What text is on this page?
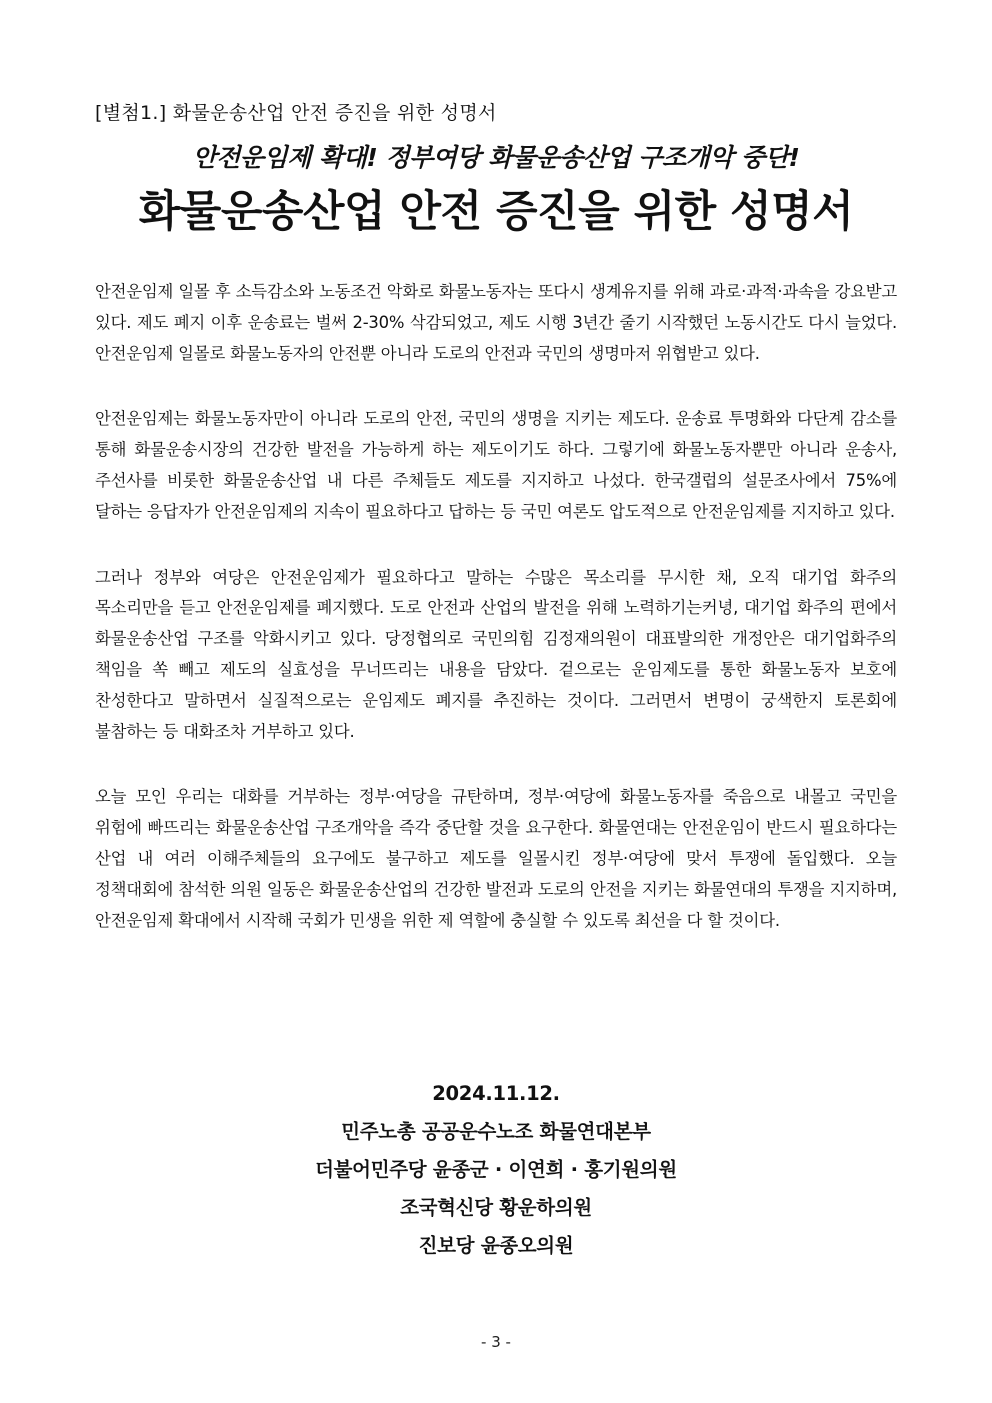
[별첨1.] 화물운송산업 안전 증진을 위한 성명서
안전운임제 확대! 정부여당 화물운송산업 구조개악 중단!
화물운송산업 안전 증진을 위한 성명서

안전운임제 일몰 후 소득감소와 노동조건 악화로 화물노동자는 또다시 생계유지를 위해 과로·과적·과속을 강요받고 있다. 제도 폐지 이후 운송료는 벌써 2-30% 삭감되었고, 제도 시행 3년간 줄기 시작했던 노동시간도 다시 늘었다. 안전운임제 일몰로 화물노동자의 안전뿐 아니라 도로의 안전과 국민의 생명마저 위협받고 있다.

안전운임제는 화물노동자만이 아니라 도로의 안전, 국민의 생명을 지키는 제도다. 운송료 투명화와 다단계 감소를 통해 화물운송시장의 건강한 발전을 가능하게 하는 제도이기도 하다. 그렇기에 화물노동자뿐만 아니라 운송사, 주선사를 비롯한 화물운송산업 내 다른 주체들도 제도를 지지하고 나섰다. 한국갤럽의 설문조사에서 75%에 달하는 응답자가 안전운임제의 지속이 필요하다고 답하는 등 국민 여론도 압도적으로 안전운임제를 지지하고 있다.

그러나 정부와 여당은 안전운임제가 필요하다고 말하는 수많은 목소리를 무시한 채, 오직 대기업 화주의 목소리만을 듣고 안전운임제를 폐지했다. 도로 안전과 산업의 발전을 위해 노력하기는커녕, 대기업 화주의 편에서 화물운송산업 구조를 악화시키고 있다. 당정협의로 국민의힘 김정재의원이 대표발의한 개정안은 대기업화주의 책임을 쏙 빼고 제도의 실효성을 무너뜨리는 내용을 담았다. 겉으로는 운임제도를 통한 화물노동자 보호에 찬성한다고 말하면서 실질적으로는 운임제도 폐지를 추진하는 것이다. 그러면서 변명이 궁색한지 토론회에 불참하는 등 대화조차 거부하고 있다.

오늘 모인 우리는 대화를 거부하는 정부·여당을 규탄하며, 정부·여당에 화물노동자를 죽음으로 내몰고 국민을 위험에 빠뜨리는 화물운송산업 구조개악을 즉각 중단할 것을 요구한다. 화물연대는 안전운임이 반드시 필요하다는 산업 내 여러 이해주체들의 요구에도 불구하고 제도를 일몰시킨 정부·여당에 맞서 투쟁에 돌입했다. 오늘 정책대회에 참석한 의원 일동은 화물운송산업의 건강한 발전과 도로의 안전을 지키는 화물연대의 투쟁을 지지하며, 안전운임제 확대에서 시작해 국회가 민생을 위한 제 역할에 충실할 수 있도록 최선을 다 할 것이다.

2024.11.12.
민주노총 공공운수노조 화물연대본부
더불어민주당 윤종군 · 이연희 · 홍기원의원
조국혁신당 황운하의원
진보당 윤종오의원
- 3 -
